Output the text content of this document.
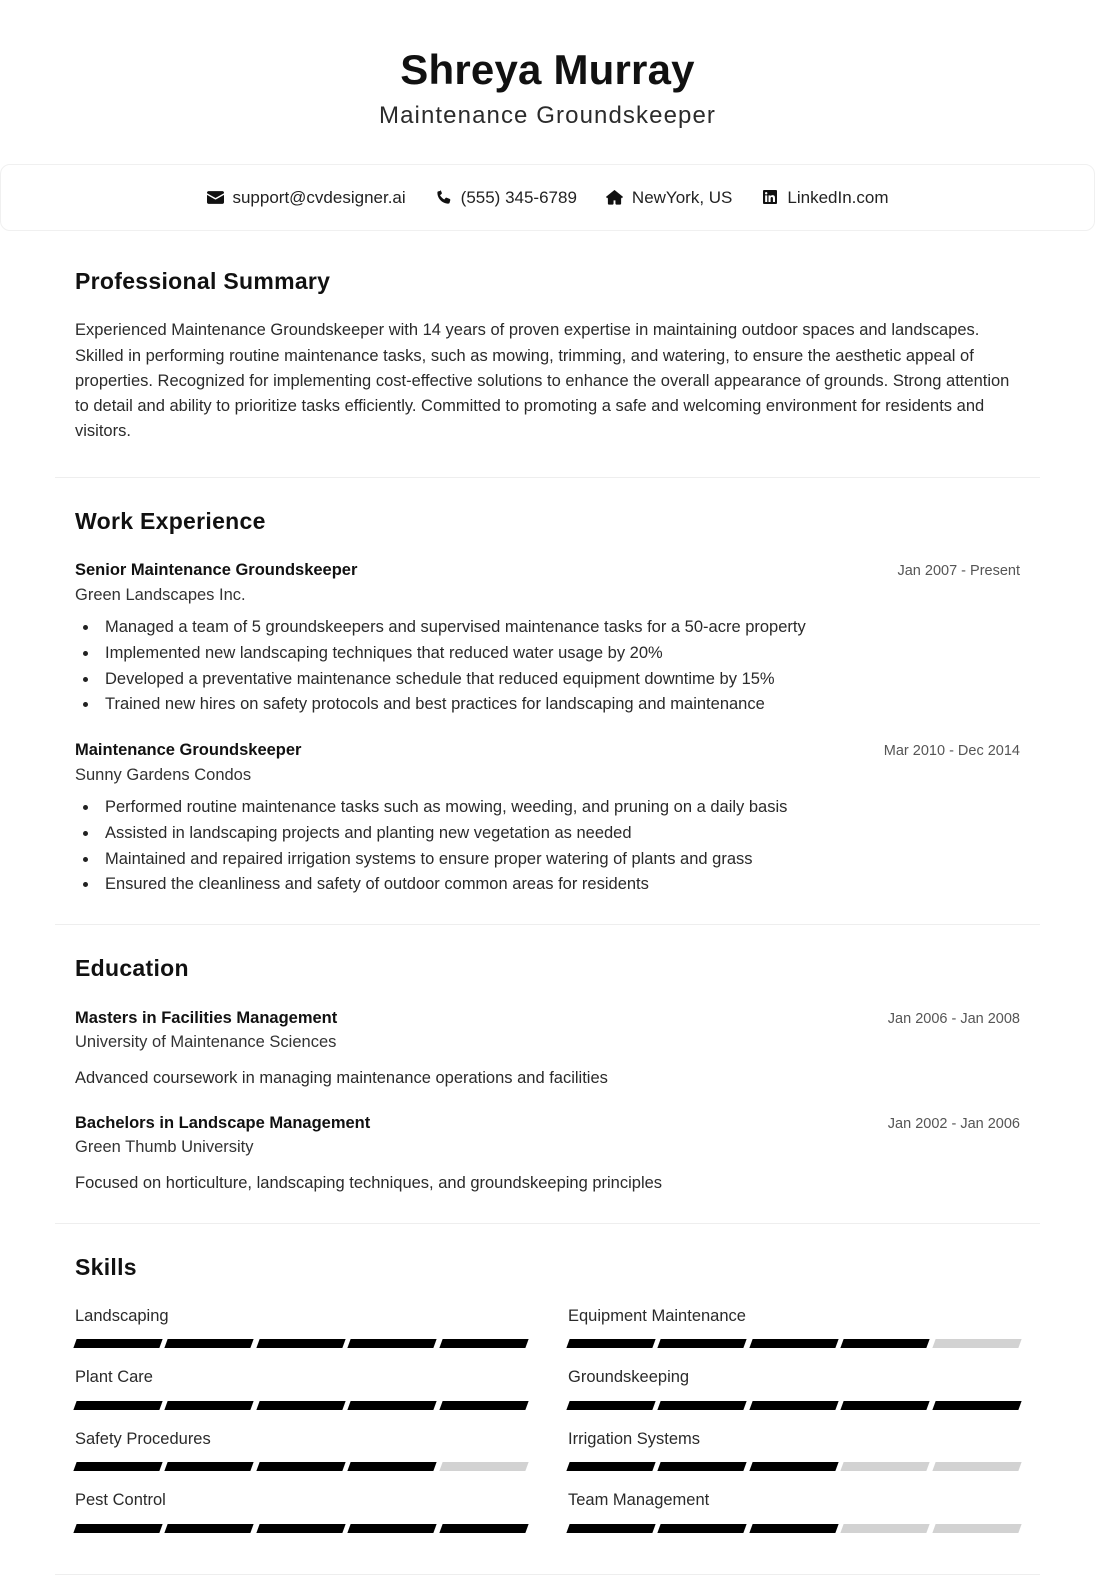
Shreya Murray
Maintenance Groundskeeper
support@cvdesigner.ai	(555) 345-6789	NewYork, US	LinkedIn.com
Professional Summary
Experienced Maintenance Groundskeeper with 14 years of proven expertise in maintaining outdoor spaces and landscapes. Skilled in performing routine maintenance tasks, such as mowing, trimming, and watering, to ensure the aesthetic appeal of properties. Recognized for implementing cost-effective solutions to enhance the overall appearance of grounds. Strong attention to detail and ability to prioritize tasks efficiently. Committed to promoting a safe and welcoming environment for residents and visitors.
Work Experience
Senior Maintenance Groundskeeper	Jan 2007 - Present
Green Landscapes Inc.
• Managed a team of 5 groundskeepers and supervised maintenance tasks for a 50-acre property
• Implemented new landscaping techniques that reduced water usage by 20%
• Developed a preventative maintenance schedule that reduced equipment downtime by 15%
• Trained new hires on safety protocols and best practices for landscaping and maintenance
Maintenance Groundskeeper	Mar 2010 - Dec 2014
Sunny Gardens Condos
• Performed routine maintenance tasks such as mowing, weeding, and pruning on a daily basis
• Assisted in landscaping projects and planting new vegetation as needed
• Maintained and repaired irrigation systems to ensure proper watering of plants and grass
• Ensured the cleanliness and safety of outdoor common areas for residents
Education
Masters in Facilities Management	Jan 2006 - Jan 2008
University of Maintenance Sciences
Advanced coursework in managing maintenance operations and facilities
Bachelors in Landscape Management	Jan 2002 - Jan 2006
Green Thumb University
Focused on horticulture, landscaping techniques, and groundskeeping principles
Skills
Landscaping	Equipment Maintenance
Plant Care	Groundskeeping
Safety Procedures	Irrigation Systems
Pest Control	Team Management
